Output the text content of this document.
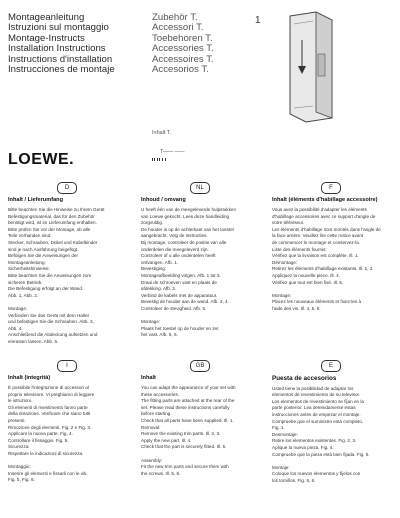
Montageanleitung
Istruzioni sul montaggio
Montage-Instructs
Installation Instructions
Instructions d'installation
Instrucciones de montaje
Zubehör T.
Accessori T.
Toebehoren T.
Accessories T.
Accessoires T.
Accesorios T.
Inhalt T.
1
LOEWE.	T—— ——
D
Inhalt / Lieferumfang
Bitte beachten Sie die Hinweise zu Ihrem Gerät
Befestigungsmaterial, das für den Zubehör
benötigt wird, ist im Lieferumfang enthalten.
Bitte prüfen Sie vor der Montage, ob alle
Teile vorhanden sind.
Stecker, Schrauben, Dübel und Kabelbinder
sind je nach Ausführung beigefügt.
Befolgen Sie die Anweisungen der
Montageanleitung.
Sicherheitshinweise:
Bitte beachten Sie die Anweisungen zum
sicheren Betrieb.
Die Befestigung erfolgt an der Wand.
Abb. 1, Abb. 2.

Montage:
Verbinden Sie das Gerät mit dem Halter
und befestigen Sie die Schrauben. Abb. 3,
Abb. 4.
Anschließend die Abdeckung aufsetzen und
einrasten lassen. Abb. 5.
NL
Inhoud / omvang
U heeft één van de meegeleverde hulpstukken
van Loewe gekocht. Lees deze handleiding
zorgvuldig.
De houder is op de achterkant van het toestel
aangebracht. Volg de instructies.
Bij montage, controleer de positie van alle
onderdelen die meegeleverd zijn.
Controleer of u alle onderdelen heeft
ontvangen. Afb. 1.
Bevestiging:
Montageafbeelding volgen. Afb. 1 tot 3.
Draai de schroeven vast en plaats de
afdekking. Afb. 2.
Verbind de kabels met de apparatuur.
Bevestig de houder aan de wand. Afb. 3, 4.
Controleer de stevigheid. Afb. 5.

Montage:
Plaats het toestel op de houder en zet
het vast. Afb. 5, 6.
F
Inhalt (éléments d'habillage accessoire)
Vous avez la possibilité d'adapter les éléments
d'habillage accessoires avec ce support d'angle de
votre téléviseur.
Les éléments d'habillage sont montés dans l'angle de
la face arrière. Veuillez lire cette notice avant
de commencer le montage et conservez-la.
Liste des éléments fournis:
Vérifiez que la livraison est complète. Ill. 1.
Démontage:
Retirez les éléments d'habillage existants. Ill. 2, 3.
Appliquez la nouvelle pièce. Ill. 4.
Vérifiez que tout est bien fixé. Ill. 5.

Montage:
Placez les nouveaux éléments et fixez-les à
l'aide des vis. Ill. 4, 5, 6.
I
Inhalt (integrità)
È possibile l'integrazione di accessori al
proprio televisore. Vi preghiamo di leggere
le istruzioni.
Gli elementi di rivestimento fanno parte
della dotazione. Verificare che siano tutti
presenti.
Rimozione degli elementi. Fig. 2 e Fig. 3.
Applicare la nuova parte. Fig. 4.
Controllare il fissaggio. Fig. 5.
Sicurezza:
Rispettare le indicazioni di sicurezza.

Montaggio:
Inserire gli elementi e fissarli con le viti.
Fig. 5, Fig. 6.
GB
Inhalt
You can adapt the appearance of your set with
these accessories.
The fitting parts are attached at the rear of the
set. Please read these instructions carefully
before starting.
Check that all parts have been supplied. Ill. 1.
Removal:
Remove the existing trim parts. Ill. 2, 3.
Apply the new part. Ill. 4.
Check that the part is securely fitted. Ill. 5.

Assembly:
Fit the new trim parts and secure them with
the screws. Ill. 5, 6.
E
Puesta de accesorios
Usted tiene la posibilidad de adaptar los
elementos de revestimiento de su televisor.
Los elementos de revestimiento se fijan en la
parte posterior. Lea detenidamente estas
instrucciones antes de empezar el montaje.
Compruebe que el suministro está completo.
Fig. 1.
Desmontaje:
Retire los elementos existentes. Fig. 2, 3.
Aplique la nueva pieza. Fig. 4.
Compruebe que la pieza está bien fijada. Fig. 5.

Montaje:
Coloque los nuevos elementos y fíjelos con
los tornillos. Fig. 5, 6.
